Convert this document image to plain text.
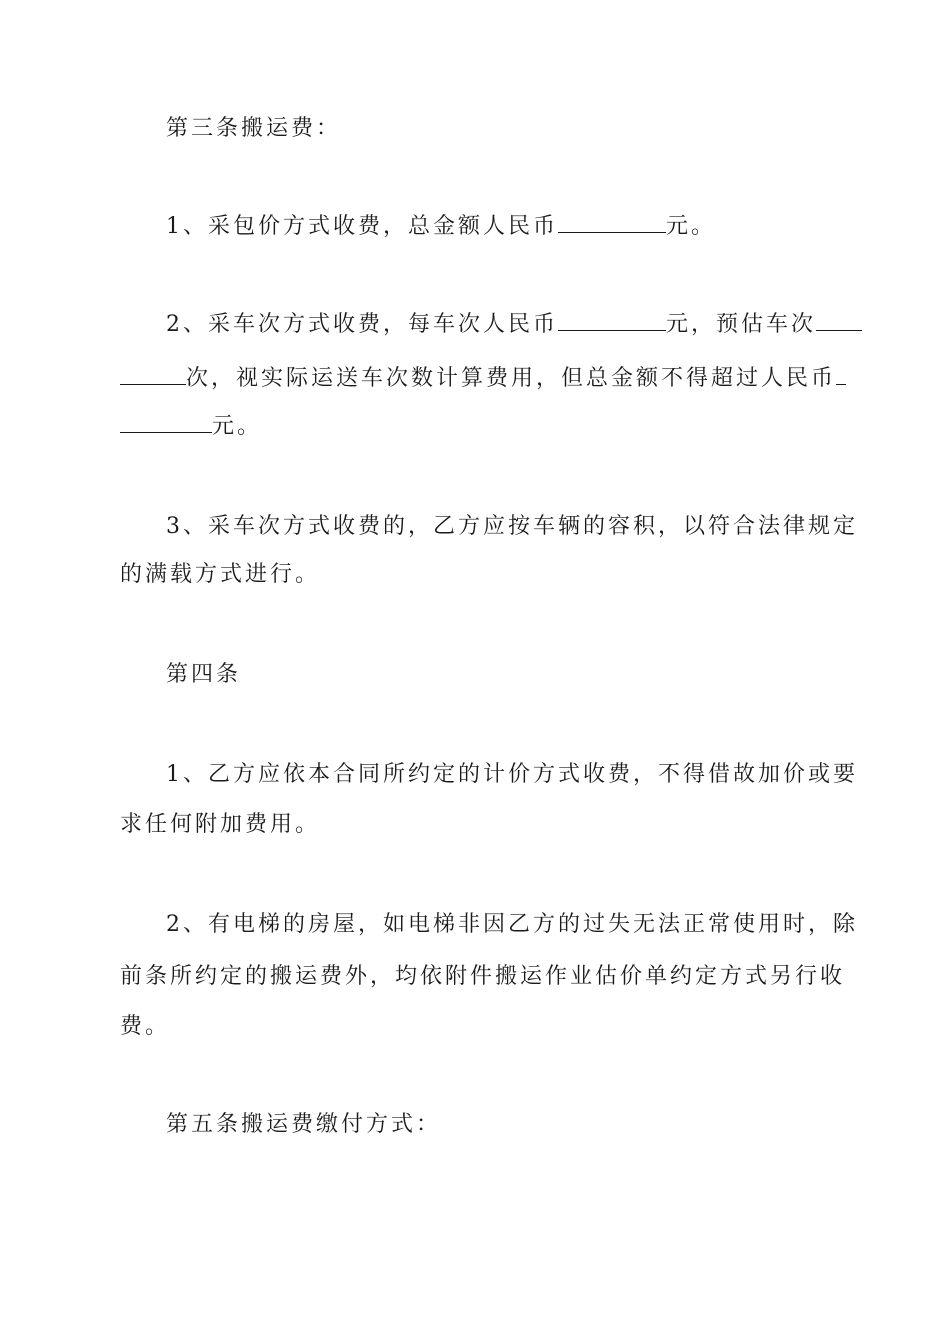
第三条搬运费：
1、采包价方式收费，总金额人民币	元。
2、采车次方式收费，每车次人民币	元，预估车次
次，视实际运送车次数计算费用，但总金额不得超过人民币
元。
3、采车次方式收费的，乙方应按车辆的容积，以符合法律规定
的满载方式进行。
第四条
1、乙方应依本合同所约定的计价方式收费，不得借故加价或要
求任何附加费用。
2、有电梯的房屋，如电梯非因乙方的过失无法正常使用时，除
前条所约定的搬运费外，均依附件搬运作业估价单约定方式另行收
费。
第五条搬运费缴付方式：
